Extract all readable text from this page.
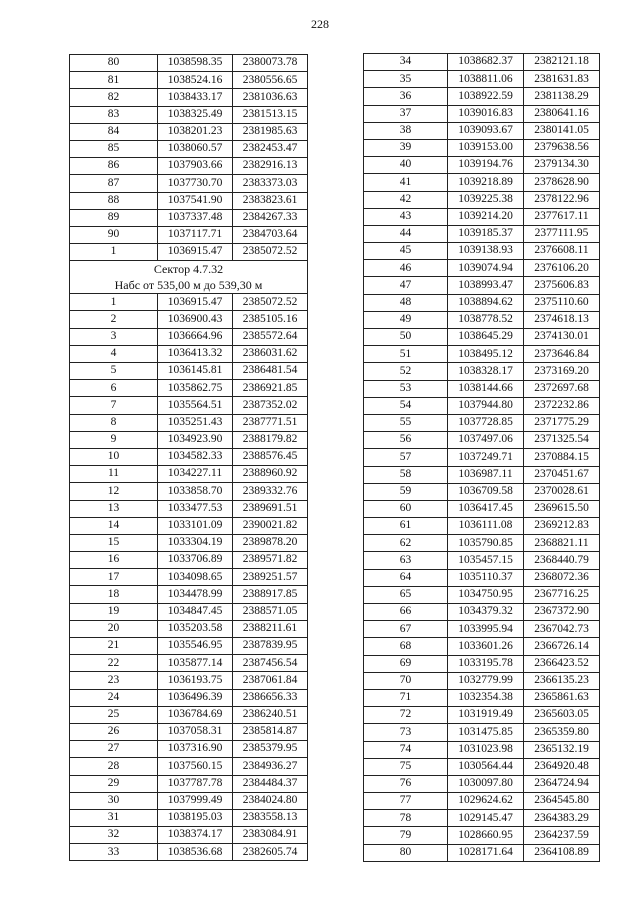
228
80	1038598.35	2380073.78
81	1038524.16	2380556.65
82	1038433.17	2381036.63
83	1038325.49	2381513.15
84	1038201.23	2381985.63
85	1038060.57	2382453.47
86	1037903.66	2382916.13
87	1037730.70	2383373.03
88	1037541.90	2383823.61
89	1037337.48	2384267.33
90	1037117.71	2384703.64
1	1036915.47	2385072.52
Сектор 4.7.32
Набс от 535,00 м до 539,30 м		
1	1036915.47	2385072.52
2	1036900.43	2385105.16
3	1036664.96	2385572.64
4	1036413.32	2386031.62
5	1036145.81	2386481.54
6	1035862.75	2386921.85
7	1035564.51	2387352.02
8	1035251.43	2387771.51
9	1034923.90	2388179.82
10	1034582.33	2388576.45
11	1034227.11	2388960.92
12	1033858.70	2389332.76
13	1033477.53	2389691.51
14	1033101.09	2390021.82
15	1033304.19	2389878.20
16	1033706.89	2389571.82
17	1034098.65	2389251.57
18	1034478.99	2388917.85
19	1034847.45	2388571.05
20	1035203.58	2388211.61
21	1035546.95	2387839.95
22	1035877.14	2387456.54
23	1036193.75	2387061.84
24	1036496.39	2386656.33
25	1036784.69	2386240.51
26	1037058.31	2385814.87
27	1037316.90	2385379.95
28	1037560.15	2384936.27
29	1037787.78	2384484.37
30	1037999.49	2384024.80
31	1038195.03	2383558.13
32	1038374.17	2383084.91
33	1038536.68	2382605.74
34	1038682.37	2382121.18
35	1038811.06	2381631.83
36	1038922.59	2381138.29
37	1039016.83	2380641.16
38	1039093.67	2380141.05
39	1039153.00	2379638.56
40	1039194.76	2379134.30
41	1039218.89	2378628.90
42	1039225.38	2378122.96
43	1039214.20	2377617.11
44	1039185.37	2377111.95
45	1039138.93	2376608.11
46	1039074.94	2376106.20
47	1038993.47	2375606.83
48	1038894.62	2375110.60
49	1038778.52	2374618.13
50	1038645.29	2374130.01
51	1038495.12	2373646.84
52	1038328.17	2373169.20
53	1038144.66	2372697.68
54	1037944.80	2372232.86
55	1037728.85	2371775.29
56	1037497.06	2371325.54
57	1037249.71	2370884.15
58	1036987.11	2370451.67
59	1036709.58	2370028.61
60	1036417.45	2369615.50
61	1036111.08	2369212.83
62	1035790.85	2368821.11
63	1035457.15	2368440.79
64	1035110.37	2368072.36
65	1034750.95	2367716.25
66	1034379.32	2367372.90
67	1033995.94	2367042.73
68	1033601.26	2366726.14
69	1033195.78	2366423.52
70	1032779.99	2366135.23
71	1032354.38	2365861.63
72	1031919.49	2365603.05
73	1031475.85	2365359.80
74	1031023.98	2365132.19
75	1030564.44	2364920.48
76	1030097.80	2364724.94
77	1029624.62	2364545.80
78	1029145.47	2364383.29
79	1028660.95	2364237.59
80	1028171.64	2364108.89
